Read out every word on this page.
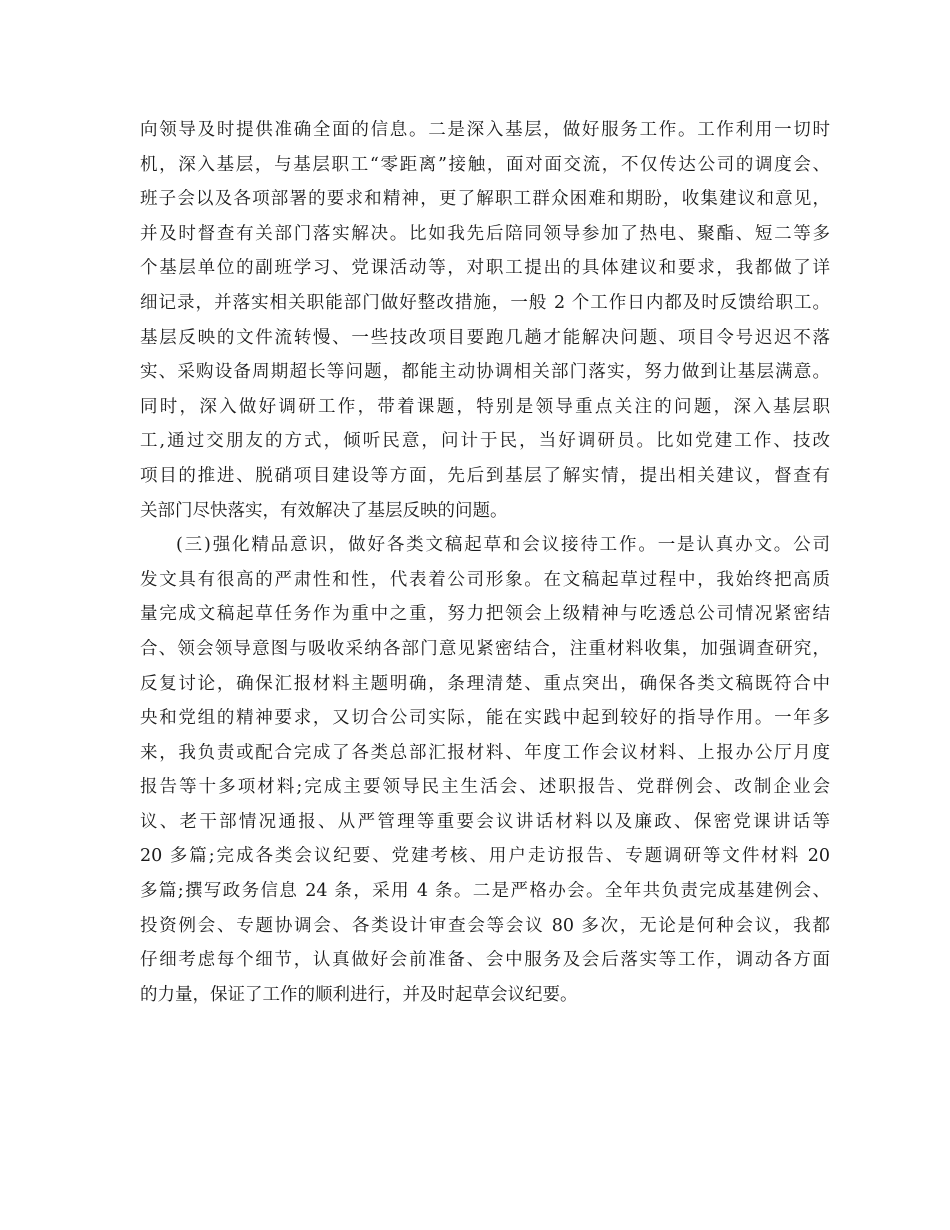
向领导及时提供准确全面的信息。二是深入基层，做好服务工作。工作利用一切时
机，深入基层，与基层职工“零距离”接触，面对面交流，不仅传达公司的调度会、
班子会以及各项部署的要求和精神，更了解职工群众困难和期盼，收集建议和意见，
并及时督查有关部门落实解决。比如我先后陪同领导参加了热电、聚酯、短二等多
个基层单位的副班学习、党课活动等，对职工提出的具体建议和要求，我都做了详
细记录，并落实相关职能部门做好整改措施，一般 2 个工作日内都及时反馈给职工。
基层反映的文件流转慢、一些技改项目要跑几趟才能解决问题、项目令号迟迟不落
实、采购设备周期超长等问题，都能主动协调相关部门落实，努力做到让基层满意。
同时，深入做好调研工作，带着课题，特别是领导重点关注的问题，深入基层职
工,通过交朋友的方式，倾听民意，问计于民，当好调研员。比如党建工作、技改
项目的推进、脱硝项目建设等方面，先后到基层了解实情，提出相关建议，督查有
关部门尽快落实，有效解决了基层反映的问题。
(三)强化精品意识，做好各类文稿起草和会议接待工作。一是认真办文。公司
发文具有很高的严肃性和性，代表着公司形象。在文稿起草过程中，我始终把高质
量完成文稿起草任务作为重中之重，努力把领会上级精神与吃透总公司情况紧密结
合、领会领导意图与吸收采纳各部门意见紧密结合，注重材料收集，加强调查研究，
反复讨论，确保汇报材料主题明确，条理清楚、重点突出，确保各类文稿既符合中
央和党组的精神要求，又切合公司实际，能在实践中起到较好的指导作用。一年多
来，我负责或配合完成了各类总部汇报材料、年度工作会议材料、上报办公厅月度
报告等十多项材料;完成主要领导民主生活会、述职报告、党群例会、改制企业会
议、老干部情况通报、从严管理等重要会议讲话材料以及廉政、保密党课讲话等
20 多篇;完成各类会议纪要、党建考核、用户走访报告、专题调研等文件材料 20
多篇;撰写政务信息 24 条，采用 4 条。二是严格办会。全年共负责完成基建例会、
投资例会、专题协调会、各类设计审查会等会议 80 多次，无论是何种会议，我都
仔细考虑每个细节，认真做好会前准备、会中服务及会后落实等工作，调动各方面
的力量，保证了工作的顺利进行，并及时起草会议纪要。
